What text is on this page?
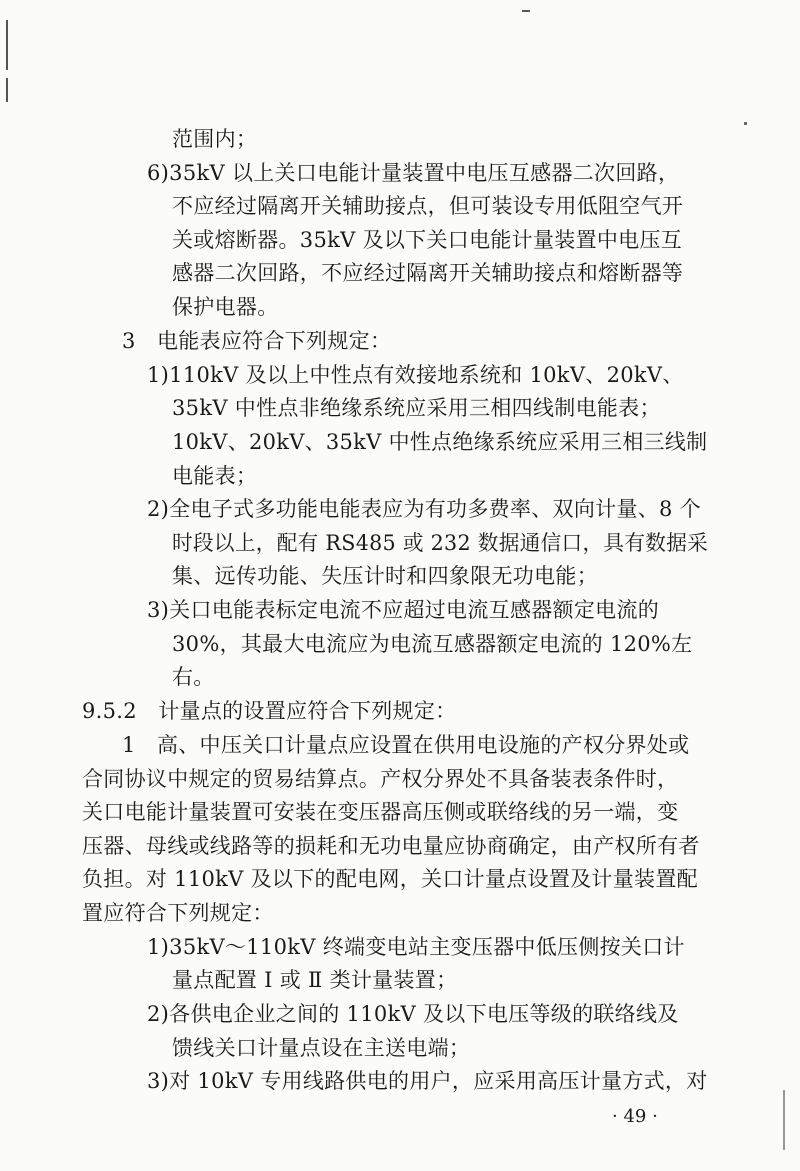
范围内；
6)35kV 以上关口电能计量装置中电压互感器二次回路，
不应经过隔离开关辅助接点，但可装设专用低阻空气开
关或熔断器。35kV 及以下关口电能计量装置中电压互
感器二次回路，不应经过隔离开关辅助接点和熔断器等
保护电器。
3　电能表应符合下列规定：
1)110kV 及以上中性点有效接地系统和 10kV、20kV、
35kV 中性点非绝缘系统应采用三相四线制电能表；
10kV、20kV、35kV 中性点绝缘系统应采用三相三线制
电能表；
2)全电子式多功能电能表应为有功多费率、双向计量、8 个
时段以上，配有 RS485 或 232 数据通信口，具有数据采
集、远传功能、失压计时和四象限无功电能；
3)关口电能表标定电流不应超过电流互感器额定电流的
30%，其最大电流应为电流互感器额定电流的 120%左
右。
9.5.2　计量点的设置应符合下列规定：
1　高、中压关口计量点应设置在供用电设施的产权分界处或
合同协议中规定的贸易结算点。产权分界处不具备装表条件时，
关口电能计量装置可安装在变压器高压侧或联络线的另一端，变
压器、母线或线路等的损耗和无功电量应协商确定，由产权所有者
负担。对 110kV 及以下的配电网，关口计量点设置及计量装置配
置应符合下列规定：
1)35kV～110kV 终端变电站主变压器中低压侧按关口计
量点配置 Ⅰ 或 Ⅱ 类计量装置；
2)各供电企业之间的 110kV 及以下电压等级的联络线及
馈线关口计量点设在主送电端；
3)对 10kV 专用线路供电的用户，应采用高压计量方式，对
· 49 ·
